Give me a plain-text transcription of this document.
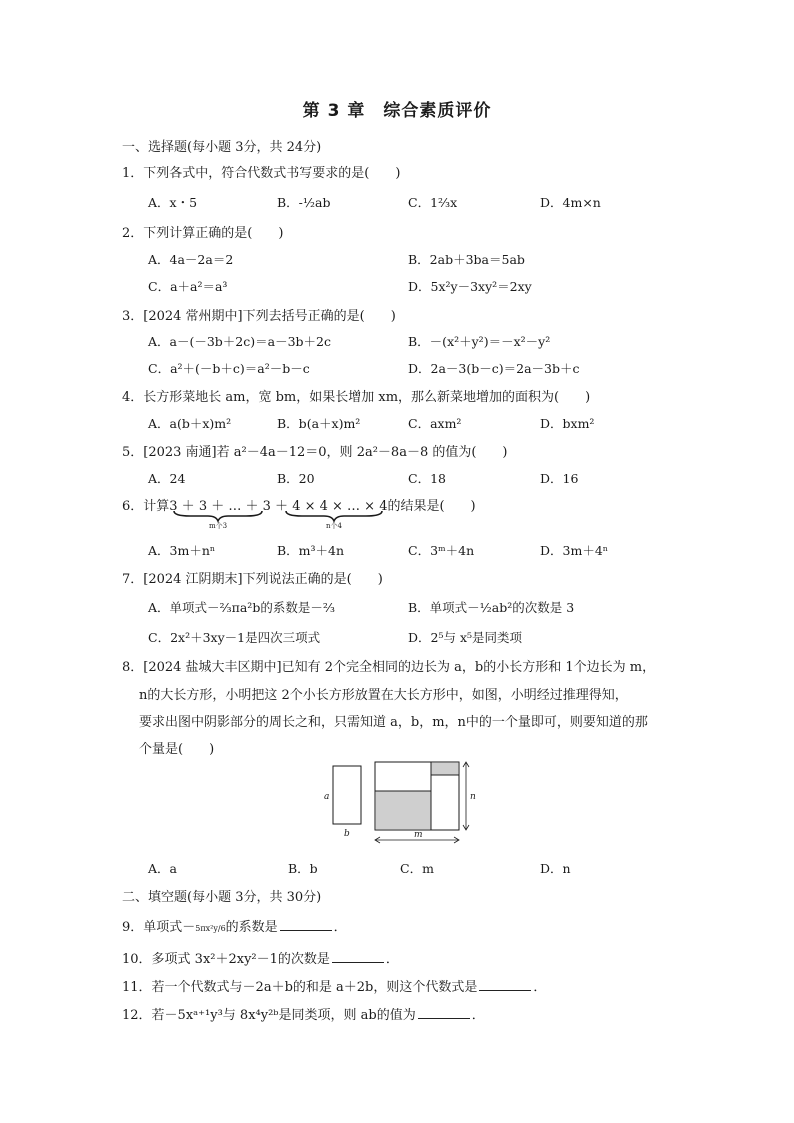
第 3 章　综合素质评价
一、选择题(每小题 3分，共 24分)
1．下列各式中，符合代数式书写要求的是(　　)
A．x・5	B．-½ab	C．1⅔x	D．4m×n
2．下列计算正确的是(　　)
A．4a－2a＝2	B．2ab＋3ba＝5ab
C．a＋a²＝a³	D．5x²y－3xy²＝2xy
3．[2024 常州期中]下列去括号正确的是(　　)
A．a－(－3b＋2c)＝a－3b＋2c	B．－(x²＋y²)＝－x²－y²
C．a²＋(－b＋c)＝a²－b－c	D．2a－3(b－c)＝2a－3b＋c
4．长方形菜地长 am，宽 bm，如果长增加 xm，那么新菜地增加的面积为(　　)
A．a(b＋x)m²	B．b(a＋x)m²	C．axm²	D．bxm²
5．[2023 南通]若 a²－4a－12＝0，则 2a²－8a－8 的值为(　　)
A．24	B．20	C．18	D．16
6．计算3 ＋ 3 ＋ … ＋ 3 ＋ 4 × 4 × … × 4的结果是(　　)
m个3	n个4
A．3m＋nⁿ	B．m³＋4n	C．3ᵐ＋4n	D．3m＋4ⁿ
7．[2024 江阴期末]下列说法正确的是(　　)
A．单项式－⅔πa²b的系数是－⅔	B．单项式－½ab²的次数是 3
C．2x²＋3xy－1是四次三项式	D．2⁵与 x⁵是同类项
8．[2024 盐城大丰区期中]已知有 2个完全相同的边长为 a，b的小长方形和 1个边长为 m，
n的大长方形，小明把这 2个小长方形放置在大长方形中，如图，小明经过推理得知，
要求出图中阴影部分的周长之和，只需知道 a，b，m，n中的一个量即可，则要知道的那
个量是(　　)
a
b
n
m
A．a	B．b	C．m	D．n
二、填空题(每小题 3分，共 30分)
9．单项式－5πx²y/6的系数是	．
10．多项式 3x²＋2xy²－1的次数是	．
11．若一个代数式与－2a＋b的和是 a＋2b，则这个代数式是	．
12．若－5xᵃ⁺¹y³与 8x⁴y²ᵇ是同类项，则 ab的值为	．
